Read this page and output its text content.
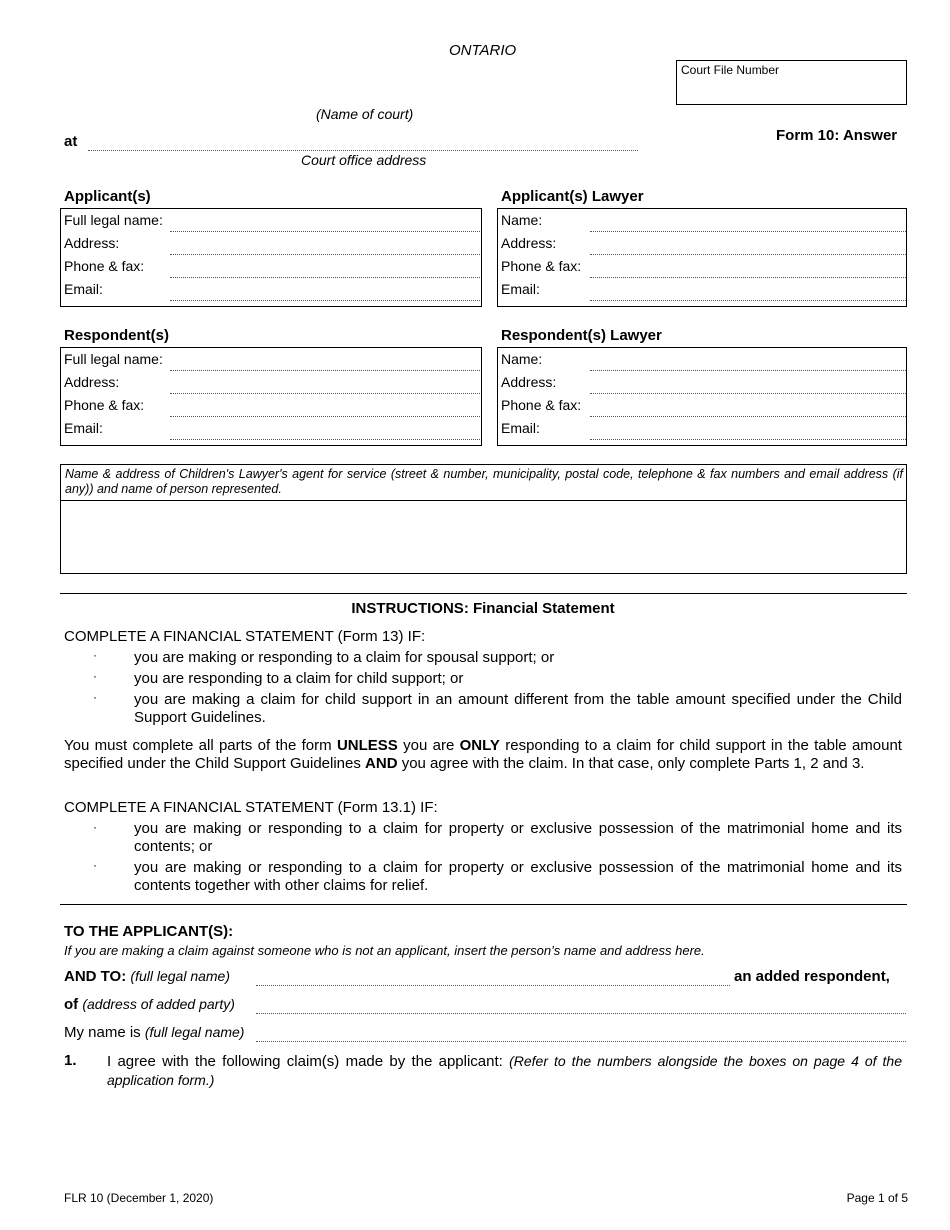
ONTARIO
Court File Number
(Name of court)
at
Court office address
Form 10: Answer
Applicant(s)
Full legal name:
Address:
Phone & fax:
Email:
Applicant(s) Lawyer
Name:
Address:
Phone & fax:
Email:
Respondent(s)
Full legal name:
Address:
Phone & fax:
Email:
Respondent(s) Lawyer
Name:
Address:
Phone & fax:
Email:
Name & address of Children's Lawyer's agent for service (street & number, municipality, postal code, telephone & fax numbers and email address (if any)) and name of person represented.
INSTRUCTIONS: Financial Statement
COMPLETE A FINANCIAL STATEMENT (Form 13) IF:
· you are making or responding to a claim for spousal support; or
· you are responding to a claim for child support; or
· you are making a claim for child support in an amount different from the table amount specified under the Child Support Guidelines.
You must complete all parts of the form UNLESS you are ONLY responding to a claim for child support in the table amount specified under the Child Support Guidelines AND you agree with the claim. In that case, only complete Parts 1, 2 and 3.
COMPLETE A FINANCIAL STATEMENT (Form 13.1) IF:
· you are making or responding to a claim for property or exclusive possession of the matrimonial home and its contents; or
· you are making or responding to a claim for property or exclusive possession of the matrimonial home and its contents together with other claims for relief.
TO THE APPLICANT(S):
If you are making a claim against someone who is not an applicant, insert the person’s name and address here.
AND TO: (full legal name)	an added respondent,
of (address of added party)
My name is (full legal name)
1. I agree with the following claim(s) made by the applicant: (Refer to the numbers alongside the boxes on page 4 of the application form.)
FLR 10 (December 1, 2020)	Page 1 of 5
